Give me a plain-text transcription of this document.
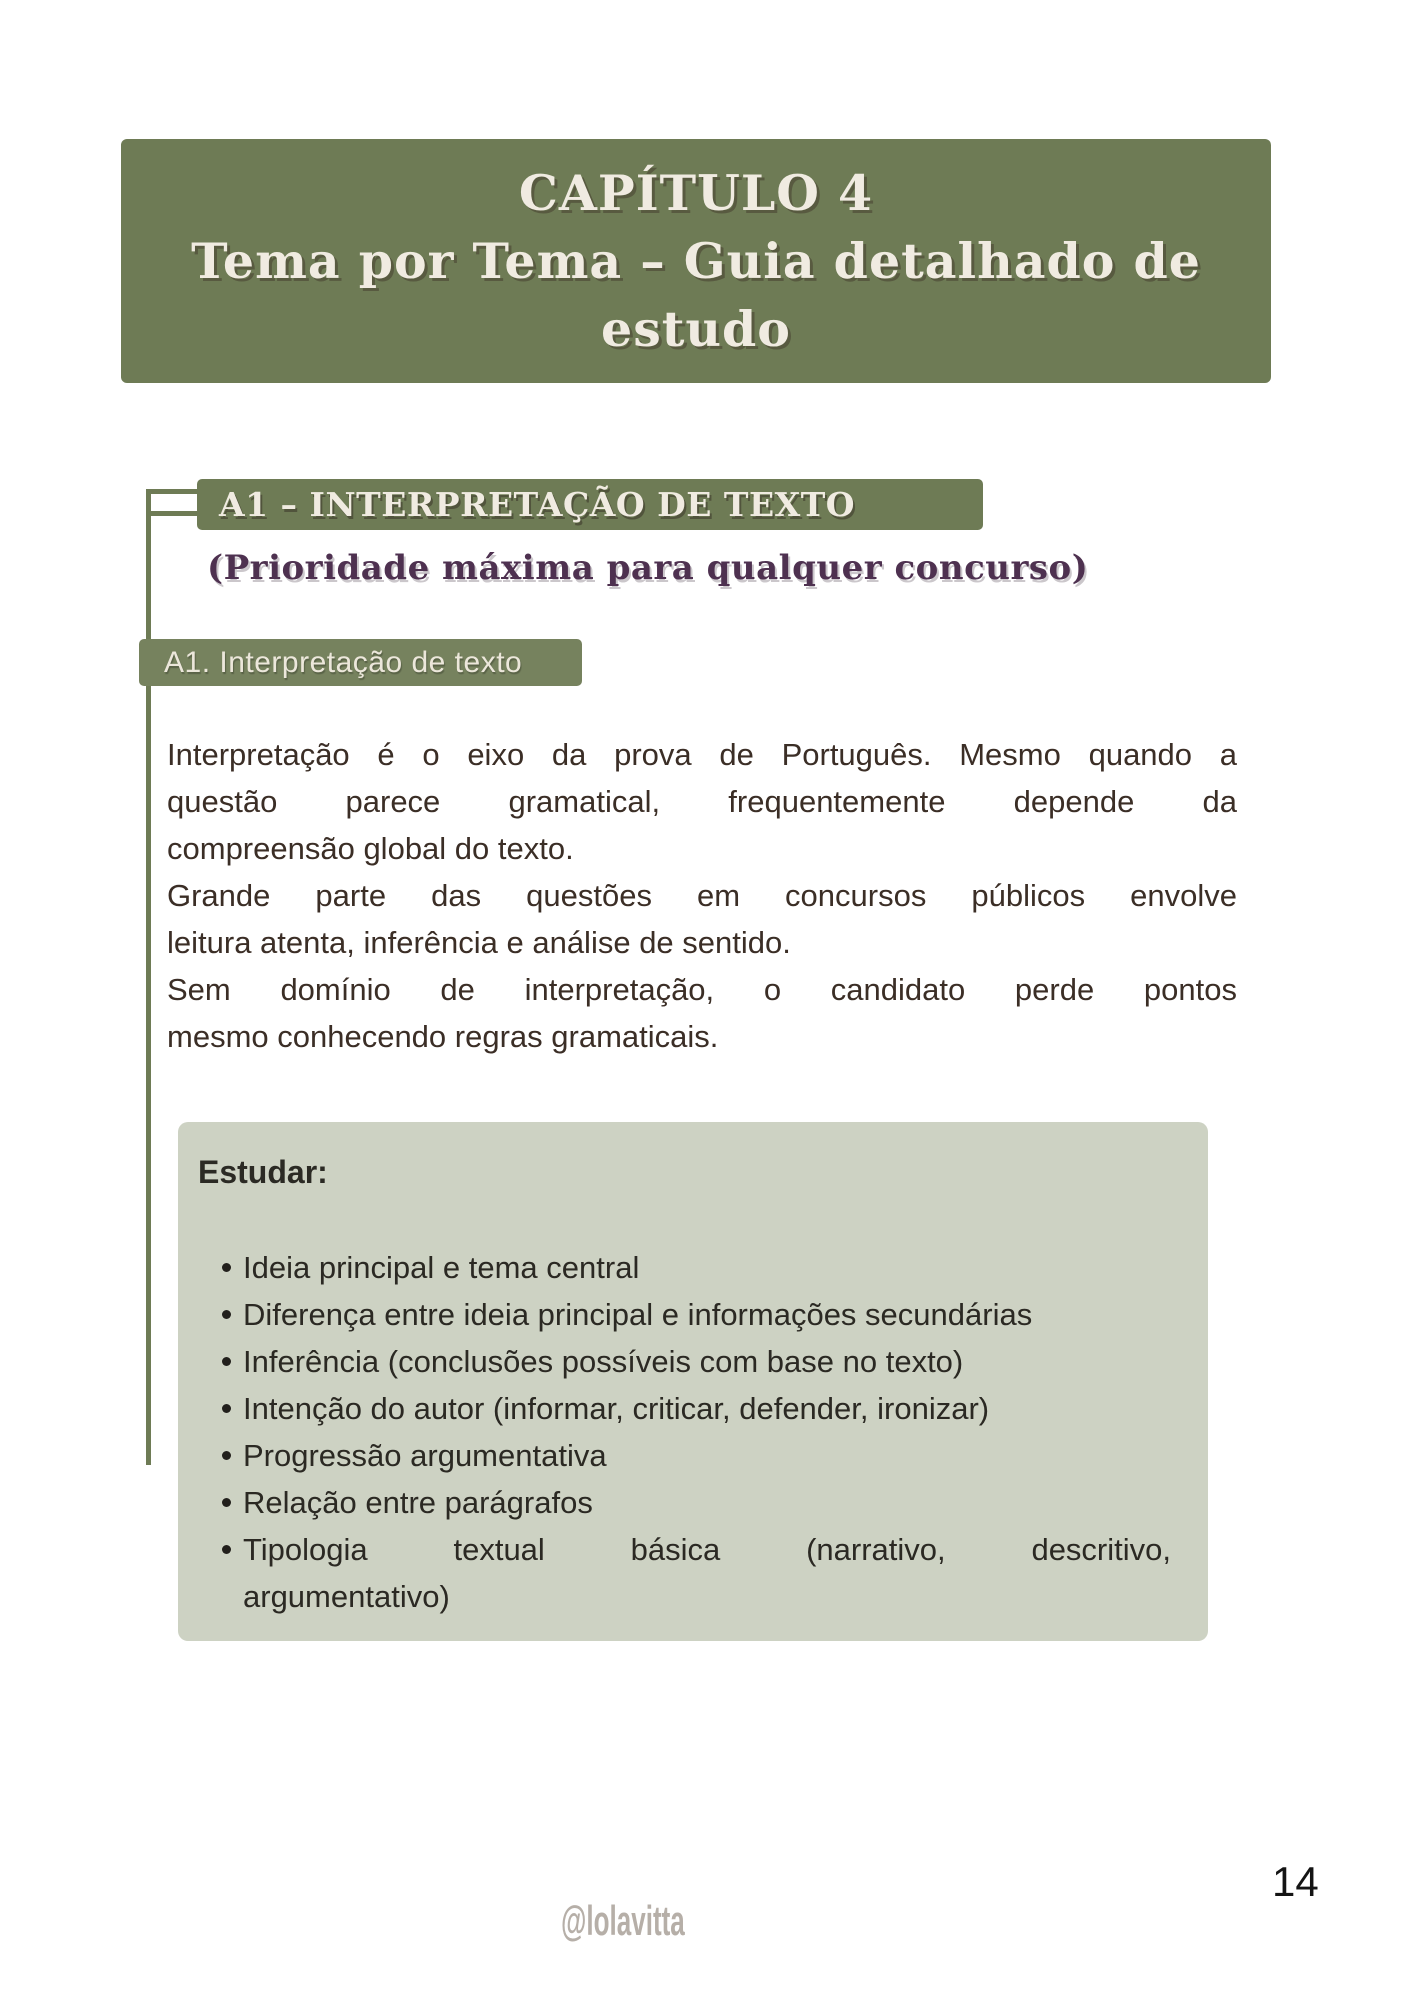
CAPÍTULO 4
Tema por Tema – Guia detalhado de
estudo
A1 – INTERPRETAÇÃO DE TEXTO
(Prioridade máxima para qualquer concurso)
A1. Interpretação de texto

Interpretação é o eixo da prova de Português. Mesmo quando a
questão parece gramatical, frequentemente depende da
compreensão global do texto.

Grande parte das questões em concursos públicos envolve
leitura atenta, inferência e análise de sentido.

Sem domínio de interpretação, o candidato perde pontos
mesmo conhecendo regras gramaticais.

Estudar:
Ideia principal e tema central
Diferença entre ideia principal e informações secundárias
Inferência (conclusões possíveis com base no texto)
Intenção do autor (informar, criticar, defender, ironizar)
Progressão argumentativa
Relação entre parágrafos
Tipologia textual básica (narrativo, descritivo,
argumentativo)
14
@lolavitta
